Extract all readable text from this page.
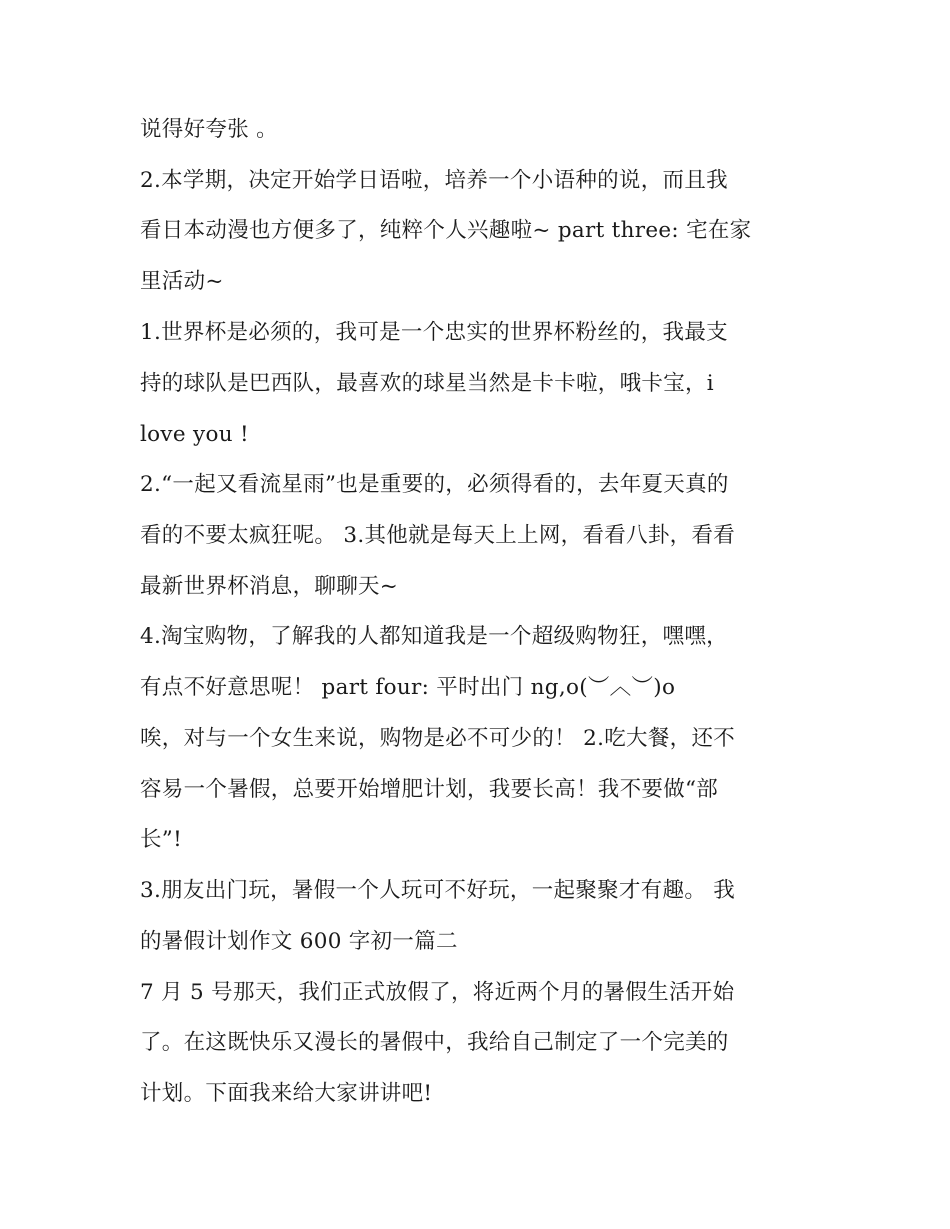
说得好夸张 。
2.本学期，决定开始学日语啦，培养一个小语种的说，而且我
看日本动漫也方便多了，纯粹个人兴趣啦~ part three: 宅在家
里活动~
1.世界杯是必须的，我可是一个忠实的世界杯粉丝的，我最支
持的球队是巴西队，最喜欢的球星当然是卡卡啦，哦卡宝，i
love you !
2.“一起又看流星雨”也是重要的，必须得看的，去年夏天真的
看的不要太疯狂呢。 3.其他就是每天上上网，看看八卦，看看
最新世界杯消息，聊聊天~
4.淘宝购物，了解我的人都知道我是一个超级购物狂，嘿嘿，
有点不好意思呢！ part four: 平时出门 ng,o(︶︿︶)o
唉，对与一个女生来说，购物是必不可少的！ 2.吃大餐，还不
容易一个暑假，总要开始增肥计划，我要长高！我不要做“部
长”!
3.朋友出门玩，暑假一个人玩可不好玩，一起聚聚才有趣。 我
的暑假计划作文 600 字初一篇二
7 月 5 号那天，我们正式放假了，将近两个月的暑假生活开始
了。在这既快乐又漫长的暑假中，我给自己制定了一个完美的
计划。下面我来给大家讲讲吧!
